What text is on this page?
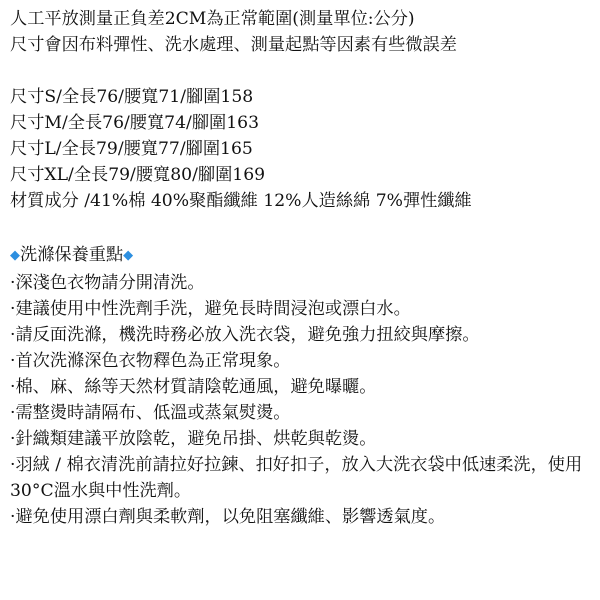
人工平放測量正負差2CM為正常範圍(測量單位:公分)
尺寸會因布料彈性、洗水處理、測量起點等因素有些微誤差
尺寸S/全長76/腰寬71/腳圍158
尺寸M/全長76/腰寬74/腳圍163
尺寸L/全長79/腰寬77/腳圍165
尺寸XL/全長79/腰寬80/腳圍169
材質成分 /41%棉 40%聚酯纖維 12%人造絲綿 7%彈性纖維
◆洗滌保養重點◆
·深淺色衣物請分開清洗。
·建議使用中性洗劑手洗，避免長時間浸泡或漂白水。
·請反面洗滌，機洗時務必放入洗衣袋，避免強力扭絞與摩擦。
·首次洗滌深色衣物釋色為正常現象。
·棉、麻、絲等天然材質請陰乾通風，避免曝曬。
·需整燙時請隔布、低溫或蒸氣熨燙。
·針織類建議平放陰乾，避免吊掛、烘乾與乾燙。
·羽絨 / 棉衣清洗前請拉好拉鍊、扣好扣子，放入大洗衣袋中低速柔洗，使用30°C溫水與中性洗劑。
·避免使用漂白劑與柔軟劑，以免阻塞纖維、影響透氣度。
